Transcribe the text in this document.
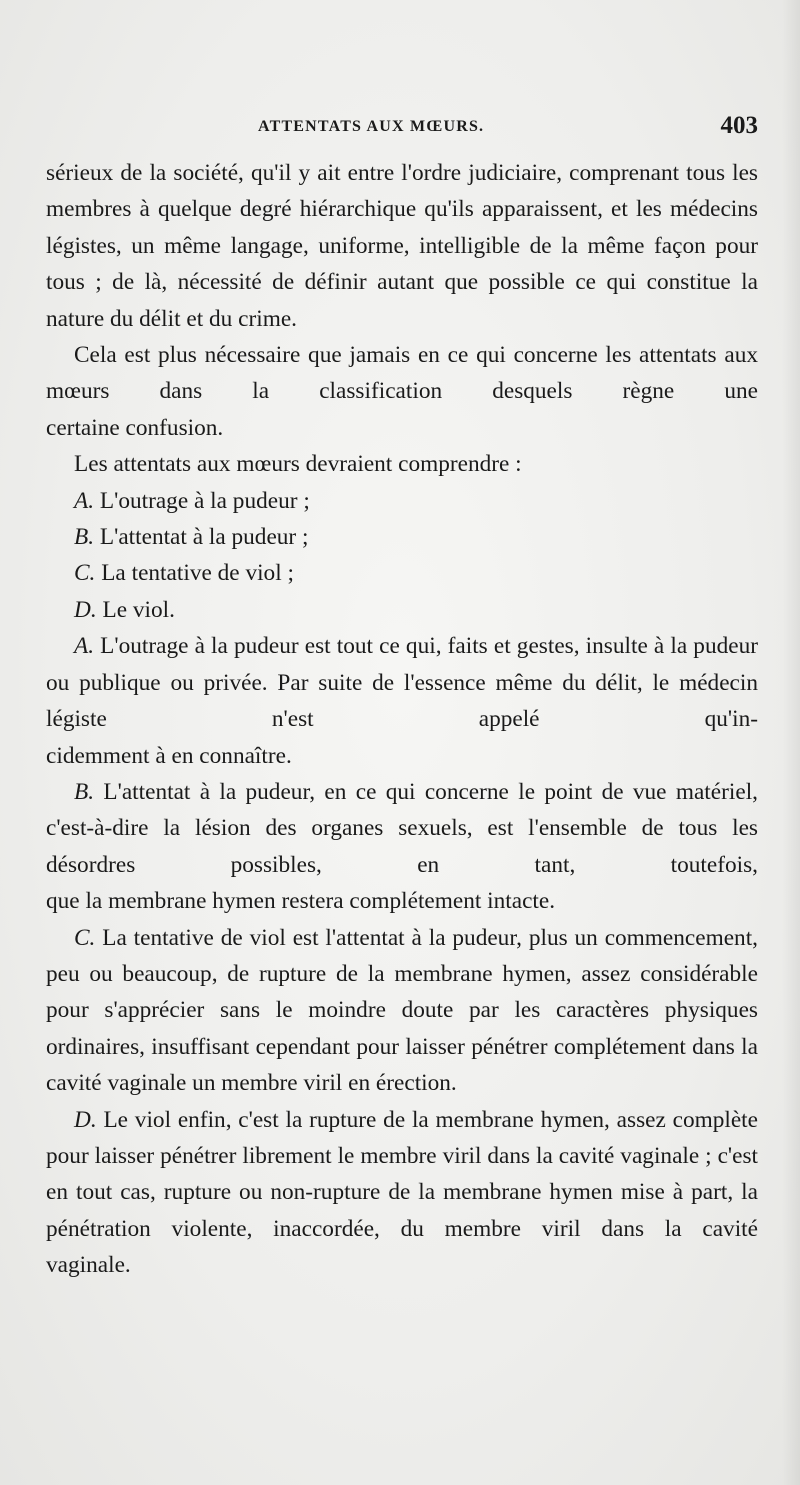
ATTENTATS AUX MŒURS.	403

sérieux de la société, qu'il y ait entre l'ordre judiciaire, comprenant tous les membres à quelque degré hiérarchique qu'ils apparaissent, et les médecins légistes, un même langage, uniforme, intelligible de la même façon pour tous ; de là, nécessité de définir autant que possible ce qui constitue la

nature du délit et du crime.

Cela est plus nécessaire que jamais en ce qui concerne les attentats aux mœurs dans la classification desquels règne une

certaine confusion.

Les attentats aux mœurs devraient comprendre :

A. L'outrage à la pudeur ;

B. L'attentat à la pudeur ;

C. La tentative de viol ;

D. Le viol.

A. L'outrage à la pudeur est tout ce qui, faits et gestes, insulte à la pudeur ou publique ou privée. Par suite de l'essence même du délit, le médecin légiste n'est appelé qu'in-

cidemment à en connaître.

B. L'attentat à la pudeur, en ce qui concerne le point de vue matériel, c'est-à-dire la lésion des organes sexuels, est l'ensemble de tous les désordres possibles, en tant, toutefois,

que la membrane hymen restera complétement intacte.

C. La tentative de viol est l'attentat à la pudeur, plus un commencement, peu ou beaucoup, de rupture de la membrane hymen, assez considérable pour s'apprécier sans le moindre doute par les caractères physiques ordinaires, insuffisant cependant pour laisser pénétrer complétement dans la

cavité vaginale un membre viril en érection.

D. Le viol enfin, c'est la rupture de la membrane hymen, assez complète pour laisser pénétrer librement le membre viril dans la cavité vaginale ; c'est en tout cas, rupture ou non-rupture de la membrane hymen mise à part, la pénétration violente, inaccordée, du membre viril dans la cavité

vaginale.
